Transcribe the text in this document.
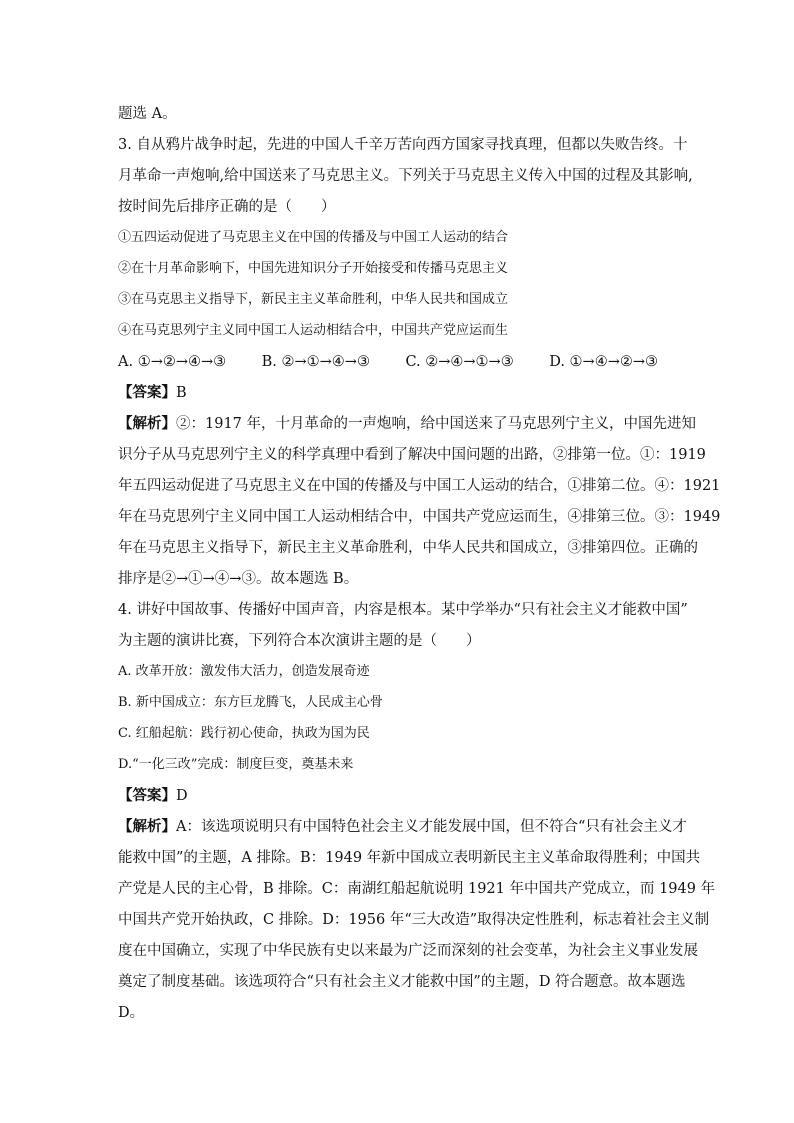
题选 A。
3. 自从鸦片战争时起，先进的中国人千辛万苦向西方国家寻找真理，但都以失败告终。十
月革命一声炮响,给中国送来了马克思主义。下列关于马克思主义传入中国的过程及其影响,
按时间先后排序正确的是（　　）
①五四运动促进了马克思主义在中国的传播及与中国工人运动的结合
②在十月革命影响下，中国先进知识分子开始接受和传播马克思主义
③在马克思主义指导下，新民主主义革命胜利，中华人民共和国成立
④在马克思列宁主义同中国工人运动相结合中，中国共产党应运而生
A. ①→②→④→③ B. ②→①→④→③ C. ②→④→①→③ D. ①→④→②→③
【答案】B
【解析】②：1917 年，十月革命的一声炮响，给中国送来了马克思列宁主义，中国先进知
识分子从马克思列宁主义的科学真理中看到了解决中国问题的出路，②排第一位。①：1919
年五四运动促进了马克思主义在中国的传播及与中国工人运动的结合，①排第二位。④：1921
年在马克思列宁主义同中国工人运动相结合中，中国共产党应运而生，④排第三位。③：1949
年在马克思主义指导下，新民主主义革命胜利，中华人民共和国成立，③排第四位。正确的
排序是②→①→④→③。故本题选 B。
4. 讲好中国故事、传播好中国声音，内容是根本。某中学举办“只有社会主义才能救中国”
为主题的演讲比赛，下列符合本次演讲主题的是（　　）
A. 改革开放：激发伟大活力，创造发展奇迹
B. 新中国成立：东方巨龙腾飞，人民成主心骨
C. 红船起航：践行初心使命，执政为国为民
D.“一化三改”完成：制度巨变，奠基未来
【答案】D
【解析】A：该选项说明只有中国特色社会主义才能发展中国，但不符合“只有社会主义才
能救中国”的主题，A 排除。B：1949 年新中国成立表明新民主主义革命取得胜利；中国共
产党是人民的主心骨，B 排除。C：南湖红船起航说明 1921 年中国共产党成立，而 1949 年
中国共产党开始执政，C 排除。D：1956 年“三大改造”取得决定性胜利，标志着社会主义制
度在中国确立，实现了中华民族有史以来最为广泛而深刻的社会变革，为社会主义事业发展
奠定了制度基础。该选项符合“只有社会主义才能救中国”的主题，D 符合题意。故本题选
D。
